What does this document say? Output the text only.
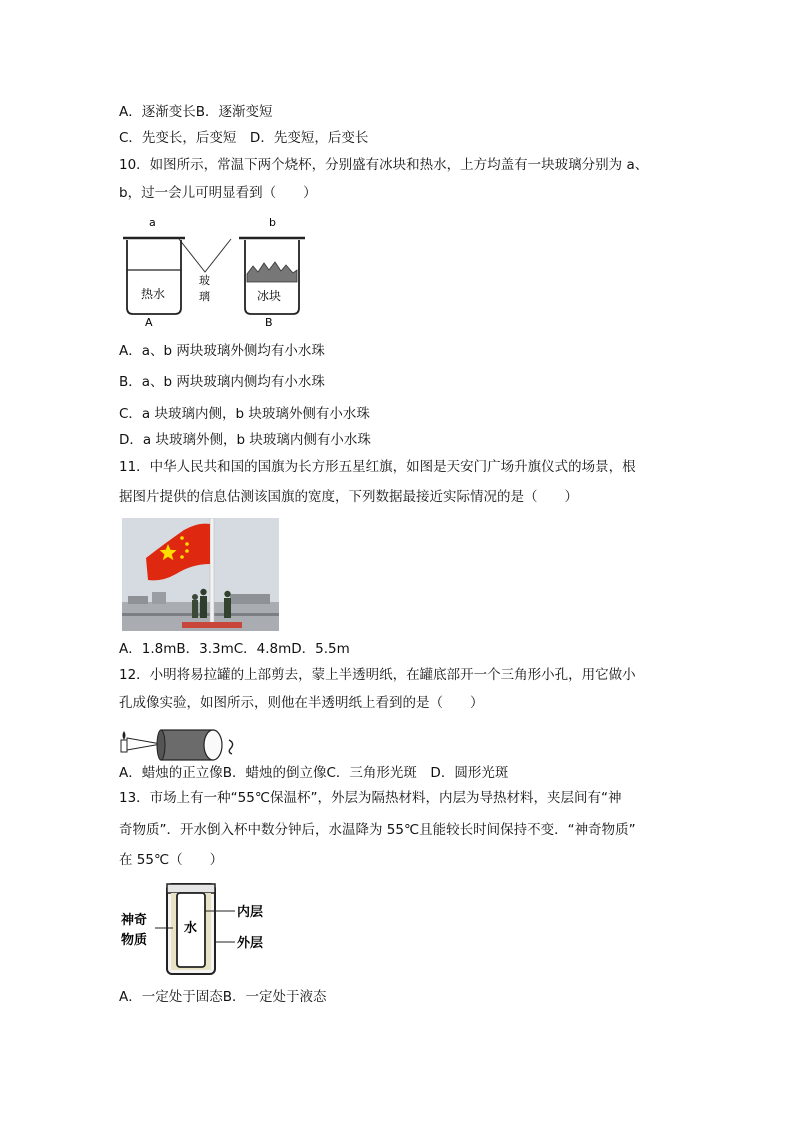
A．逐渐变长B．逐渐变短
C．先变长，后变短　D．先变短，后变长
10．如图所示，常温下两个烧杯，分别盛有冰块和热水，上方均盖有一块玻璃分别为 a、
b，过一会儿可明显看到（　　）
a	b
玻
璃
热水
A
冰块
B
A．a、b 两块玻璃外侧均有小水珠
B．a、b 两块玻璃内侧均有小水珠
C．a 块玻璃内侧，b 块玻璃外侧有小水珠
D．a 块玻璃外侧，b 块玻璃内侧有小水珠
11．中华人民共和国的国旗为长方形五星红旗，如图是天安门广场升旗仪式的场景，根
据图片提供的信息估测该国旗的宽度，下列数据最接近实际情况的是（　　）
A．1.8mB．3.3mC．4.8mD．5.5m
12．小明将易拉罐的上部剪去，蒙上半透明纸，在罐底部开一个三角形小孔，用它做小
孔成像实验，如图所示，则他在半透明纸上看到的是（　　）
A．蜡烛的正立像B．蜡烛的倒立像C．三角形光斑　D．圆形光斑
13．市场上有一种“55℃保温杯”，外层为隔热材料，内层为导热材料，夹层间有“神
奇物质”．开水倒入杯中数分钟后，水温降为 55℃且能较长时间保持不变．“神奇物质”
在 55℃（　　）
水
内层
外层
神奇
物质
A．一定处于固态B．一定处于液态
